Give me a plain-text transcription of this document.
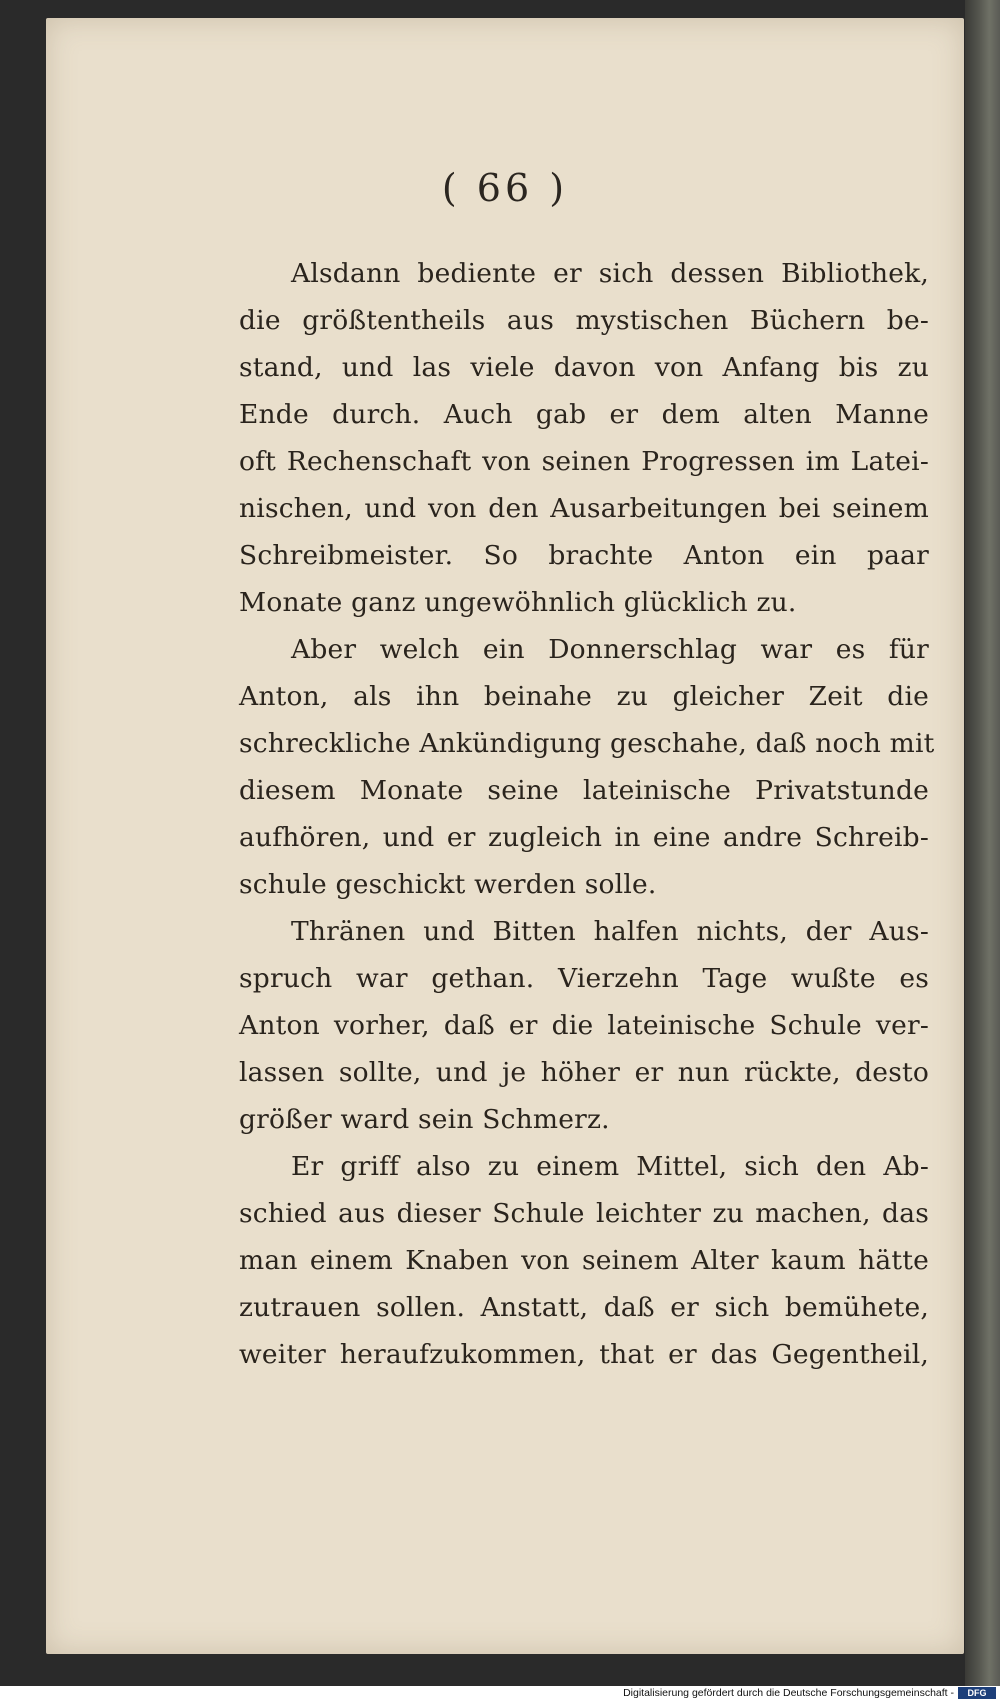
( 66 )
Alsdann bediente er sich dessen Bibliothek,
die größtentheils aus mystischen Büchern be-
stand, und las viele davon von Anfang bis zu
Ende durch. Auch gab er dem alten Manne
oft Rechenschaft von seinen Progressen im Latei-
nischen, und von den Ausarbeitungen bei seinem
Schreibmeister. So brachte Anton ein paar
Monate ganz ungewöhnlich glücklich zu.
Aber welch ein Donnerschlag war es für
Anton, als ihn beinahe zu gleicher Zeit die
schreckliche Ankündigung geschahe, daß noch mit
diesem Monate seine lateinische Privatstunde
aufhören, und er zugleich in eine andre Schreib-
schule geschickt werden solle.
Thränen und Bitten halfen nichts, der Aus-
spruch war gethan. Vierzehn Tage wußte es
Anton vorher, daß er die lateinische Schule ver-
lassen sollte, und je höher er nun rückte, desto
größer ward sein Schmerz.
Er griff also zu einem Mittel, sich den Ab-
schied aus dieser Schule leichter zu machen, das
man einem Knaben von seinem Alter kaum hätte
zutrauen sollen. Anstatt, daß er sich bemühete,
weiter heraufzukommen, that er das Gegentheil,
Digitalisierung gefördert durch die Deutsche Forschungsgemeinschaft -	DFG
